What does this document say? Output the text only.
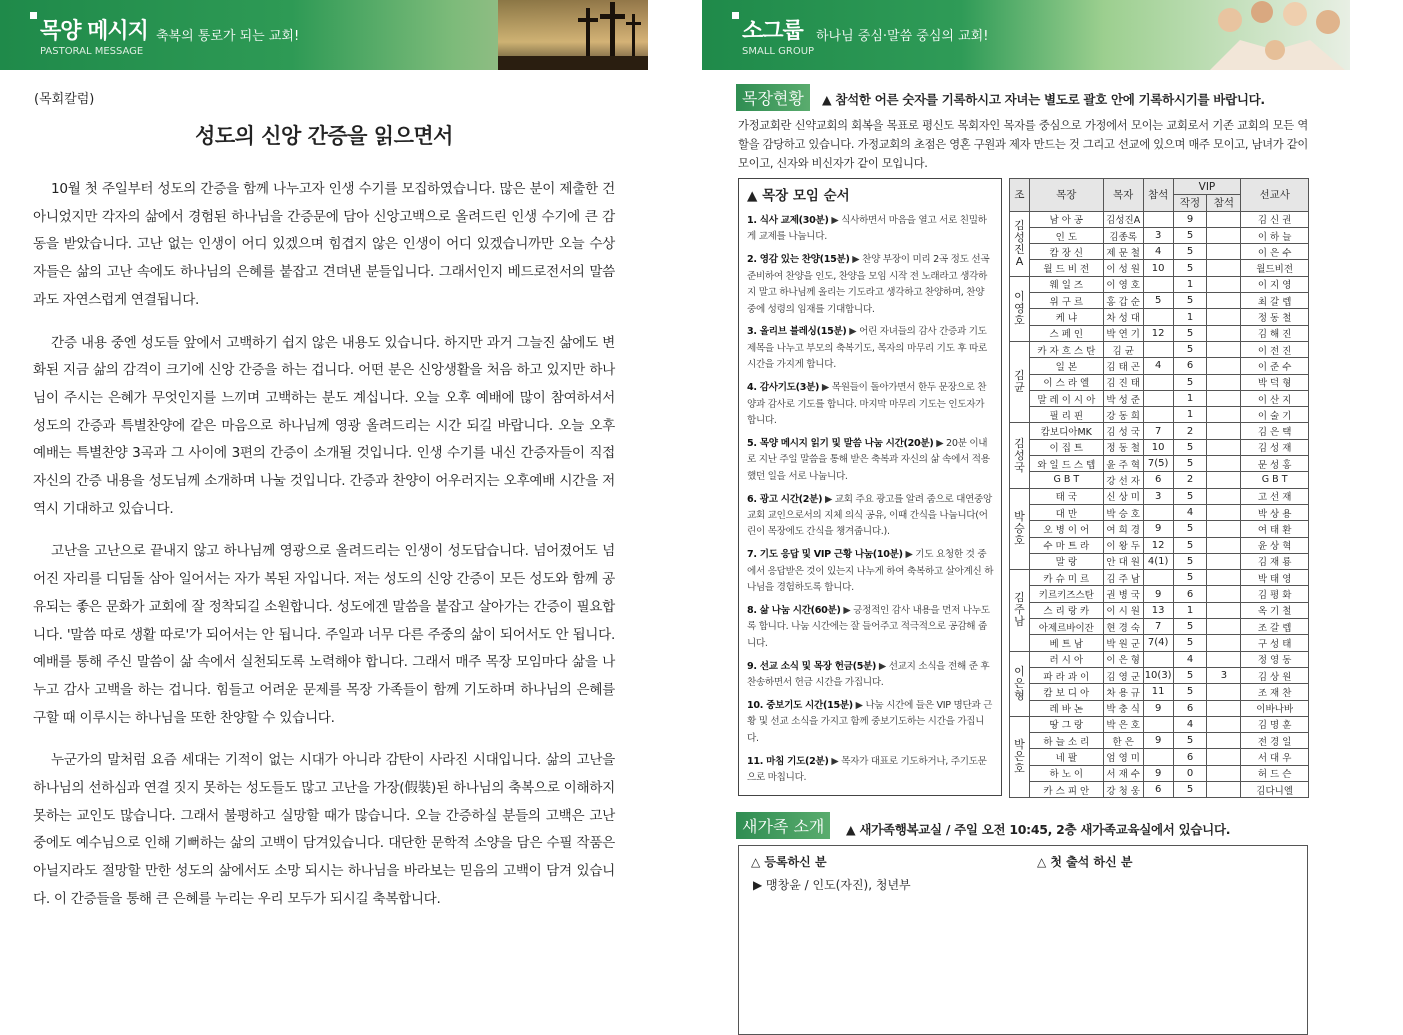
목양 메시지
PASTORAL MESSAGE
축복의 통로가 되는 교회!
(목회칼럼)
성도의 신앙 간증을 읽으면서

10월 첫 주일부터 성도의 간증을 함께 나누고자 인생 수기를 모집하였습니다. 많은 분이 제출한 건 아니었지만 각자의 삶에서 경험된 하나님을 간증문에 담아 신앙고백으로 올려드린 인생 수기에 큰 감동을 받았습니다. 고난 없는 인생이 어디 있겠으며 힘겹지 않은 인생이 어디 있겠습니까만 오늘 수상자들은 삶의 고난 속에도 하나님의 은혜를 붙잡고 견뎌낸 분들입니다. 그래서인지 베드로전서의 말씀과도 자연스럽게 연결됩니다.

간증 내용 중엔 성도들 앞에서 고백하기 쉽지 않은 내용도 있습니다. 하지만 과거 그늘진 삶에도 변화된 지금 삶의 감격이 크기에 신앙 간증을 하는 겁니다. 어떤 분은 신앙생활을 처음 하고 있지만 하나님이 주시는 은혜가 무엇인지를 느끼며 고백하는 분도 계십니다. 오늘 오후 예배에 많이 참여하셔서 성도의 간증과 특별찬양에 같은 마음으로 하나님께 영광 올려드리는 시간 되길 바랍니다. 오늘 오후 예배는 특별찬양 3곡과 그 사이에 3편의 간증이 소개될 것입니다. 인생 수기를 내신 간증자들이 직접 자신의 간증 내용을 성도님께 소개하며 나눌 것입니다. 간증과 찬양이 어우러지는 오후예배 시간을 저 역시 기대하고 있습니다.

고난을 고난으로 끝내지 않고 하나님께 영광으로 올려드리는 인생이 성도답습니다. 넘어졌어도 넘어진 자리를 디딤돌 삼아 일어서는 자가 복된 자입니다. 저는 성도의 신앙 간증이 모든 성도와 함께 공유되는 좋은 문화가 교회에 잘 정착되길 소원합니다. 성도에겐 말씀을 붙잡고 살아가는 간증이 필요합니다. '말씀 따로 생활 따로'가 되어서는 안 됩니다. 주일과 너무 다른 주중의 삶이 되어서도 안 됩니다. 예배를 통해 주신 말씀이 삶 속에서 실천되도록 노력해야 합니다. 그래서 매주 목장 모임마다 삶을 나누고 감사 고백을 하는 겁니다. 힘들고 어려운 문제를 목장 가족들이 함께 기도하며 하나님의 은혜를 구할 때 이루시는 하나님을 또한 찬양할 수 있습니다.

누군가의 말처럼 요즘 세대는 기적이 없는 시대가 아니라 감탄이 사라진 시대입니다. 삶의 고난을 하나님의 선하심과 연결 짓지 못하는 성도들도 많고 고난을 가장(假裝)된 하나님의 축복으로 이해하지 못하는 교인도 많습니다. 그래서 불평하고 실망할 때가 많습니다. 오늘 간증하실 분들의 고백은 고난 중에도 예수님으로 인해 기뻐하는 삶의 고백이 담겨있습니다. 대단한 문학적 소양을 담은 수필 작품은 아닐지라도 절망할 만한 성도의 삶에서도 소망 되시는 하나님을 바라보는 믿음의 고백이 담겨 있습니다. 이 간증들을 통해 큰 은혜를 누리는 우리 모두가 되시길 축복합니다.

소그룹
SMALL GROUP
하나님 중심·말씀 중심의 교회!
목장현황	▲ 참석한 어른 숫자를 기록하시고 자녀는 별도로 괄호 안에 기록하시기를 바랍니다.
가정교회란 신약교회의 회복을 목표로 평신도 목회자인 목자를 중심으로 가정에서 모이는 교회로서 기존 교회의 모든 역할을 감당하고 있습니다. 가정교회의 초점은 영혼 구원과 제자 만드는 것 그리고 선교에 있으며 매주 모이고, 남녀가 같이 모이고, 신자와 비신자가 같이 모입니다.
▲ 목장 모임 순서
1. 식사 교제(30분) ▶ 식사하면서 마음을 열고 서로 친밀하게 교제를 나눕니다.
2. 영감 있는 찬양(15분) ▶ 찬양 부장이 미리 2곡 정도 선곡 준비하여 찬양을 인도, 찬양을 모임 시작 전 노래라고 생각하지 말고 하나님께 올리는 기도라고 생각하고 찬양하며, 찬양 중에 성령의 임재를 기대합니다.
3. 올리브 블레싱(15분) ▶ 어린 자녀들의 감사 간증과 기도 제목을 나누고 부모의 축복기도, 목자의 마무리 기도 후 따로 시간을 가지게 합니다.
4. 감사기도(3분) ▶ 목원들이 돌아가면서 한두 문장으로 찬양과 감사로 기도를 합니다. 마지막 마무리 기도는 인도자가 합니다.
5. 목양 메시지 읽기 및 말씀 나눔 시간(20분) ▶ 20분 이내로 지난 주일 말씀을 통해 받은 축복과 자신의 삶 속에서 적용했던 일을 서로 나눕니다.
6. 광고 시간(2분) ▶ 교회 주요 광고를 알려 줌으로 대연중앙교회 교인으로서의 지체 의식 공유, 이때 간식을 나눕니다(어린이 목장에도 간식을 챙겨줍니다.).
7. 기도 응답 및 VIP 근황 나눔(10분) ▶ 기도 요청한 것 중에서 응답받은 것이 있는지 나누게 하여 축복하고 살아계신 하나님을 경험하도록 합니다.
8. 삶 나눔 시간(60분) ▶ 긍정적인 감사 내용을 먼저 나누도록 합니다. 나눔 시간에는 잘 들어주고 적극적으로 공감해 줍니다.
9. 선교 소식 및 목장 헌금(5분) ▶ 선교지 소식을 전해 준 후 찬송하면서 헌금 시간을 가집니다.
10. 중보기도 시간(15분) ▶ 나눔 시간에 들은 VIP 명단과 근황 및 선교 소식을 가지고 함께 중보기도하는 시간을 가집니다.
11. 마침 기도(2분) ▶ 목자가 대표로 기도하거나, 주기도문으로 마칩니다.
조	목장	목자	참석	VIP		선교사
				작정	참석	
김성진A	남 아 공	김성진A		9		김 신 권
	인 도	김종록	3	5		이 하 늘
	캄 장 신	제 문 철	4	5		이 은 수
	월 드 비 전	이 성 원	10	5		월드비전
이영호	웨 일 즈	이 영 호		1		이 지 영
	위 구 르	홍 갑 순	5	5		최 갈 렙
	케 냐	차 성 대		1		정 동 철
	스 페 인	박 연 기	12	5		김 해 진
김균	카 자 흐 스 탄	김 균		5		이 전 진
	일 본	김 태 곤	4	6		이 준 수
	이 스 라 엘	김 진 태		5		박 덕 형
	말 레 이 시 아	박 성 준		1		이 산 지
	필 리 핀	강 동 희		1		이 술 기
김성국	캄보디아MK	김 성 국	7	2		김 은 택
	이 집 트	정 동 철	10	5		김 성 재
	와 일 드 스 텝	윤 주 혁	7(5)	5		문 성 홍
	G B T	강 선 자	6	2		G B T
박승호	태 국	신 상 미	3	5		고 선 재
	대 만	박 승 호		4		박 상 용
	오 병 이 어	여 희 경	9	5		여 태 환
	수 마 트 라	이 왕 두	12	5		윤 상 혁
	말 랑	안 대 원	4(1)	5		김 재 룡
김주남	카 슈 미 르	김 주 남		5		박 태 영
	키르키즈스탄	권 병 국	9	6		김 평 화
	스 리 랑 카	이 시 원	13	1		옥 기 철
	아제르바이잔	현 경 숙	7	5		조 갈 렙
	베 트 남	박 원 군	7(4)	5		구 성 태
이은형	러 시 아	이 은 형		4		정 영 동
	파 라 과 이	김 영 군	10(3)	5	3	김 상 원
	캄 보 디 아	차 용 규	11	5		조 재 찬
	레 바 논	박 충 식	9	6		이바나바
박은호	땅 그 랑	박 은 호		4		김 명 훈
	하 늘 소 리	한 은	9	5		전 경 일
	네 팔	엄 영 미		6		서 대 우
	하 노 이	서 재 수	9	0		허 드 슨
	카 스 피 안	강 청 웅	6	5		김다니엘
새가족 소개	▲ 새가족행복교실 / 주일 오전 10:45, 2층 새가족교육실에서 있습니다.
△ 등록하신 분	△ 첫 출석 하신 분
▶ 맹창윤 / 인도(자진), 청년부
